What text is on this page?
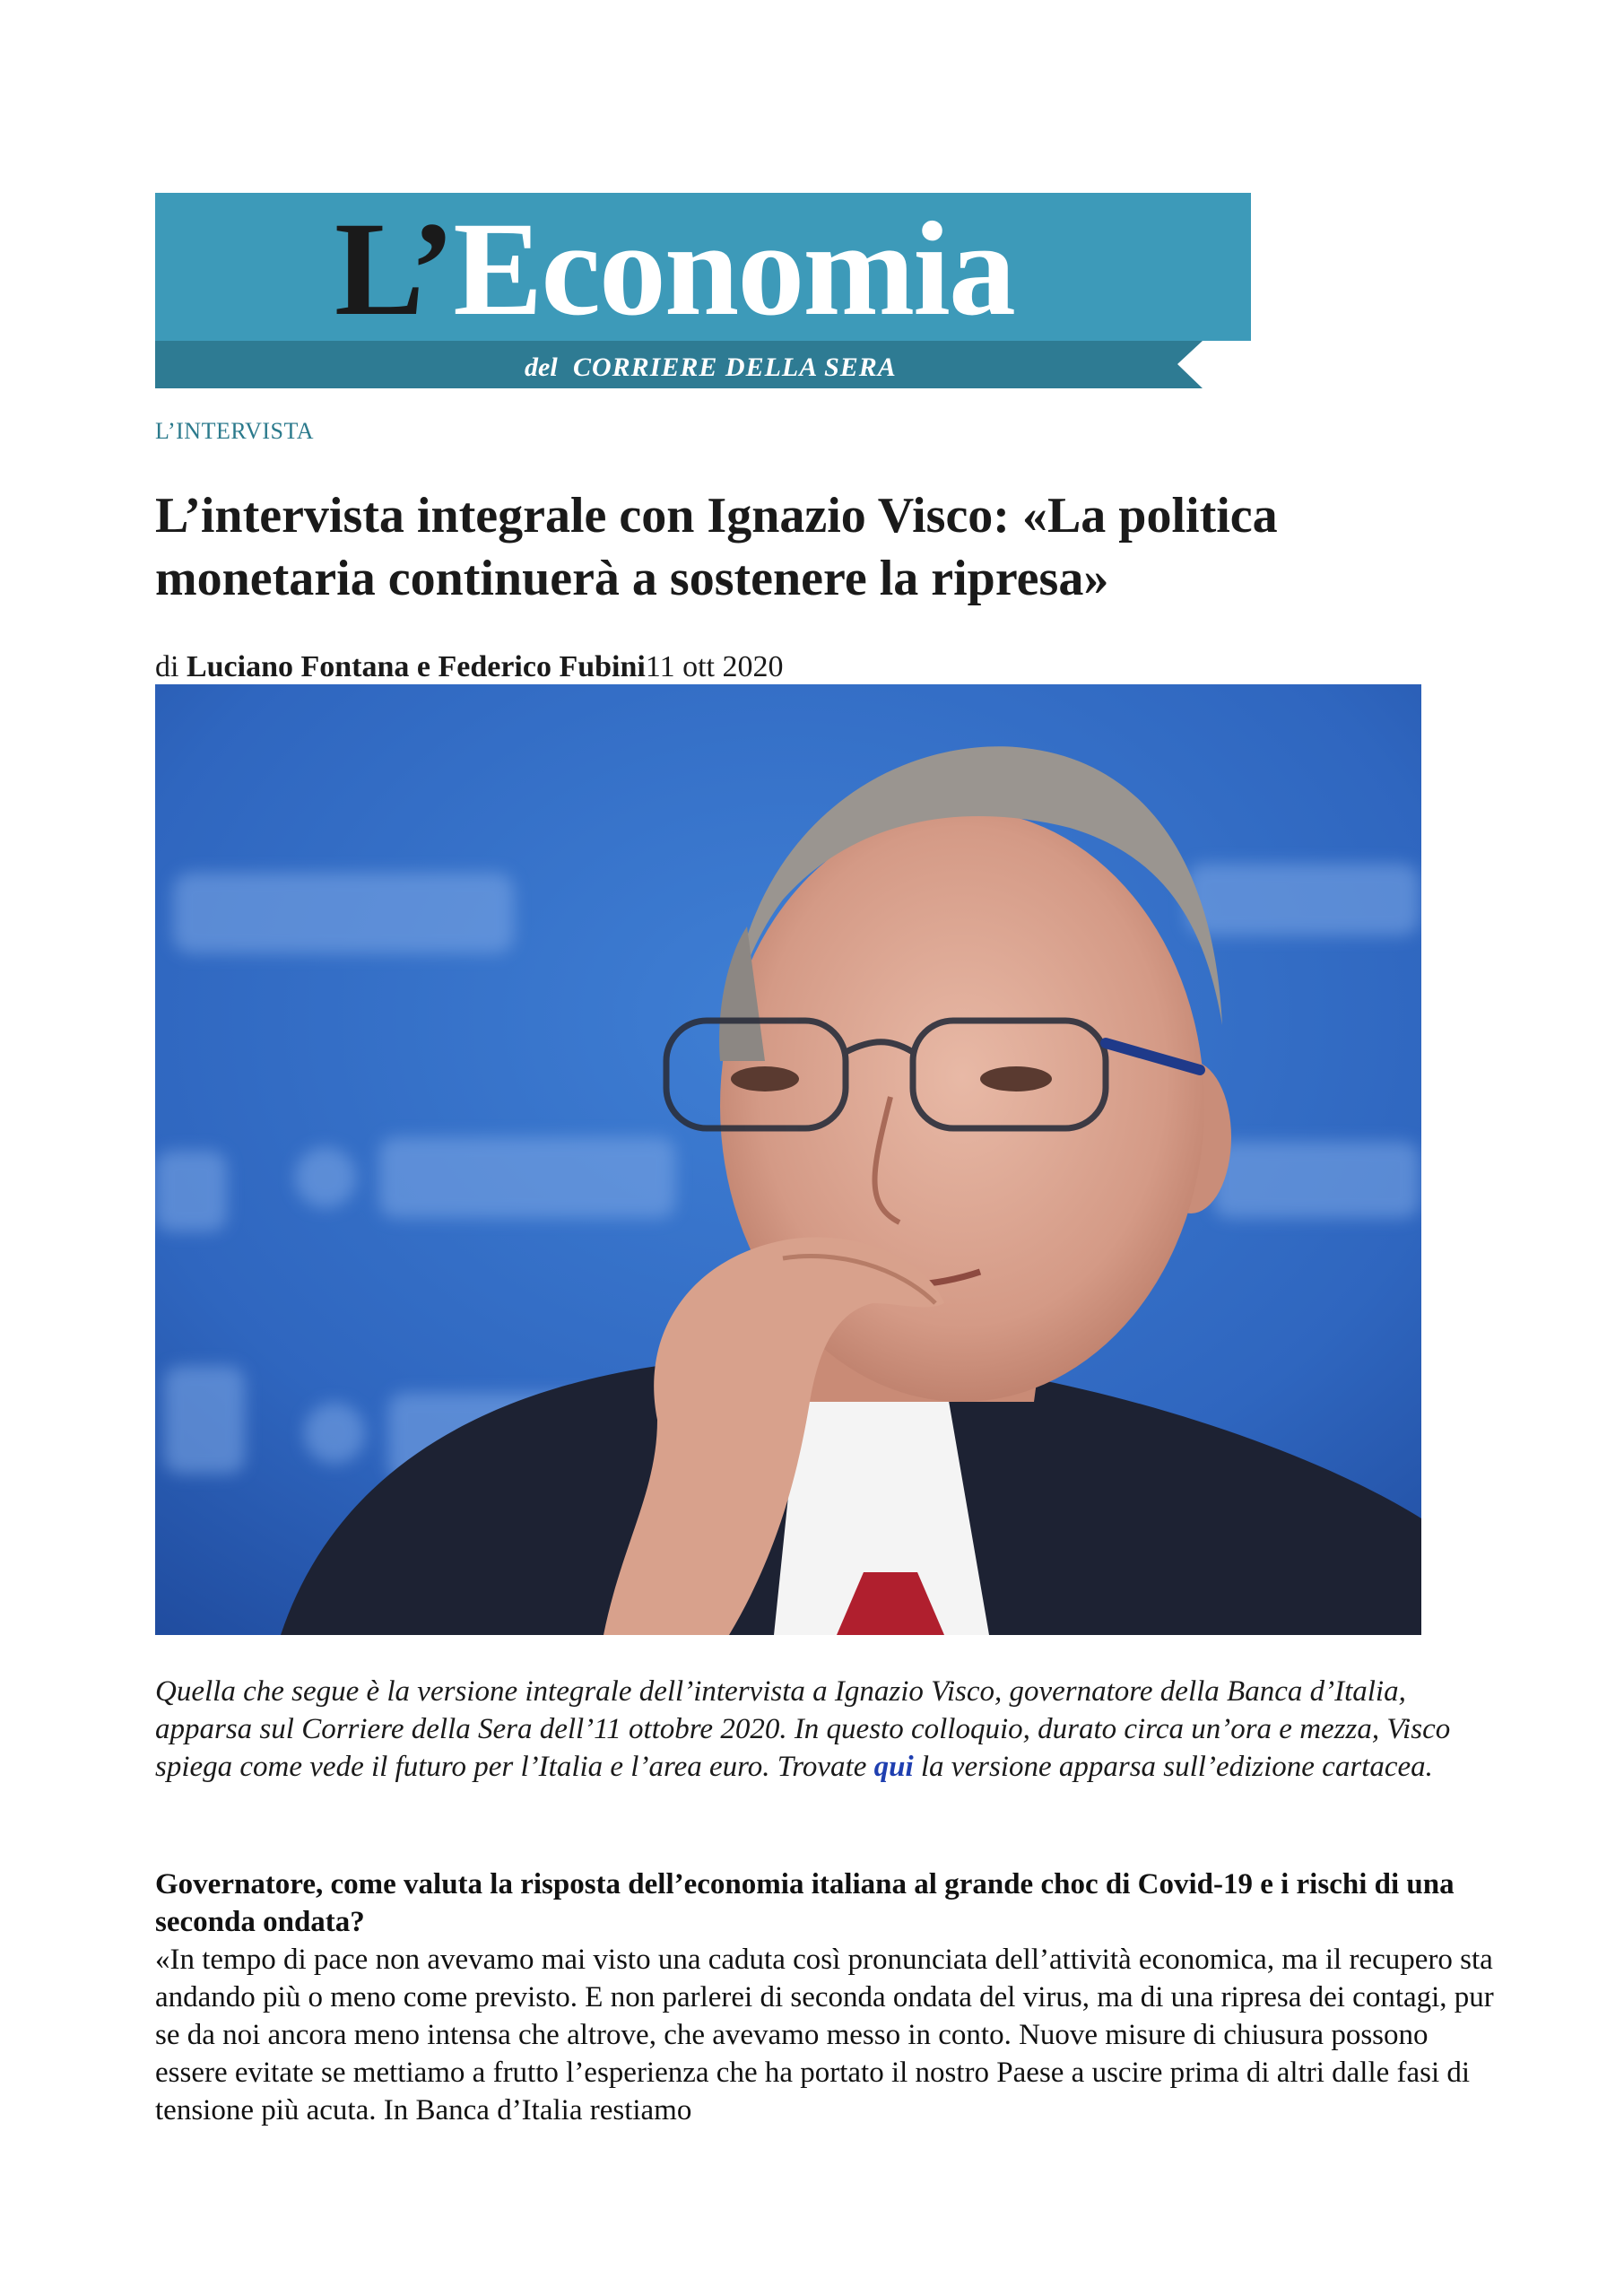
L’Economia
del CORRIERE DELLA SERA
L’INTERVISTA
L’intervista integrale con Ignazio Visco: «La politica monetaria continuerà a sostenere la ripresa»
di Luciano Fontana e Federico Fubini11 ott 2020

Quella che segue è la versione integrale dell’intervista a Ignazio Visco, governatore della Banca d’Italia, apparsa sul Corriere della Sera dell’11 ottobre 2020. In questo colloquio, durato circa un’ora e mezza, Visco spiega come vede il futuro per l’Italia e l’area euro. Trovate qui la versione apparsa sull’edizione cartacea.

Governatore, come valuta la risposta dell’economia italiana al grande choc di Covid-19 e i rischi di una seconda ondata?

«In tempo di pace non avevamo mai visto una caduta così pronunciata dell’attività economica, ma il recupero sta andando più o meno come previsto. E non parlerei di seconda ondata del virus, ma di una ripresa dei contagi, pur se da noi ancora meno intensa che altrove, che avevamo messo in conto. Nuove misure di chiusura possono essere evitate se mettiamo a frutto l’esperienza che ha portato il nostro Paese a uscire prima di altri dalle fasi di tensione più acuta. In Banca d’Italia restiamo
